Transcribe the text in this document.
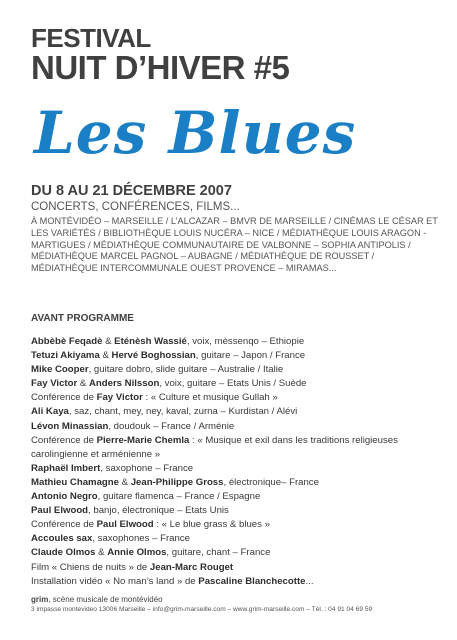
FESTIVAL
NUIT D’HIVER #5
Les Blues
DU 8 AU 21 DÉCEMBRE 2007
CONCERTS, CONFÉRENCES, FILMS...
À MONTÉVIDÉO – MARSEILLE / L’ALCAZAR – BMVR DE MARSEILLE / CINÉMAS LE CÉSAR ET LES VARIÉTÉS / BIBLIOTHÈQUE LOUIS NUCÉRA – NICE / MÉDIATHÈQUE LOUIS ARAGON - MARTIGUES / MÉDIATHÈQUE COMMUNAUTAIRE DE VALBONNE – SOPHIA ANTIPOLIS / MÉDIATHÈQUE MARCEL PAGNOL – AUBAGNE / MÉDIATHÈQUE DE ROUSSET / MÉDIATHÈQUE INTERCOMMUNALE OUEST PROVENCE – MIRAMAS...
AVANT PROGRAMME
Abbèbè Feqadè & Eténèsh Wassié, voix, mèssenqo – Ethiopie
Tetuzi Akiyama & Hervé Boghossian, guitare – Japon / France
Mike Cooper, guitare dobro, slide guitare – Australie / Italie
Fay Victor & Anders Nilsson, voix, guitare – Etats Unis / Suède
Conférence de Fay Victor : « Culture et musique Gullah »
Ali Kaya, saz, chant, mey, ney, kaval, zurna – Kurdistan / Alévi
Lévon Minassian, doudouk – France / Arménie
Conférence de Pierre-Marie Chemla : « Musique et exil dans les traditions religieuses carolingienne et arménienne »
Raphaël Imbert, saxophone – France
Mathieu Chamagne & Jean-Philippe Gross, électronique– France
Antonio Negro, guitare flamenca – France / Espagne
Paul Elwood, banjo, électronique – Etats Unis
Conférence de Paul Elwood : « Le blue grass & blues »
Accoules sax, saxophones – France
Claude Olmos & Annie Olmos, guitare, chant – France
Film « Chiens de nuits » de Jean-Marc Rouget
Installation vidéo « No man’s land » de Pascaline Blanchecotte...
grim, scène musicale de montévidéo
3 impasse montevideo 13006 Marseille – info@grim-marseille.com – www.grim-marseille.com – Tél. : 04 91 04 69 59
